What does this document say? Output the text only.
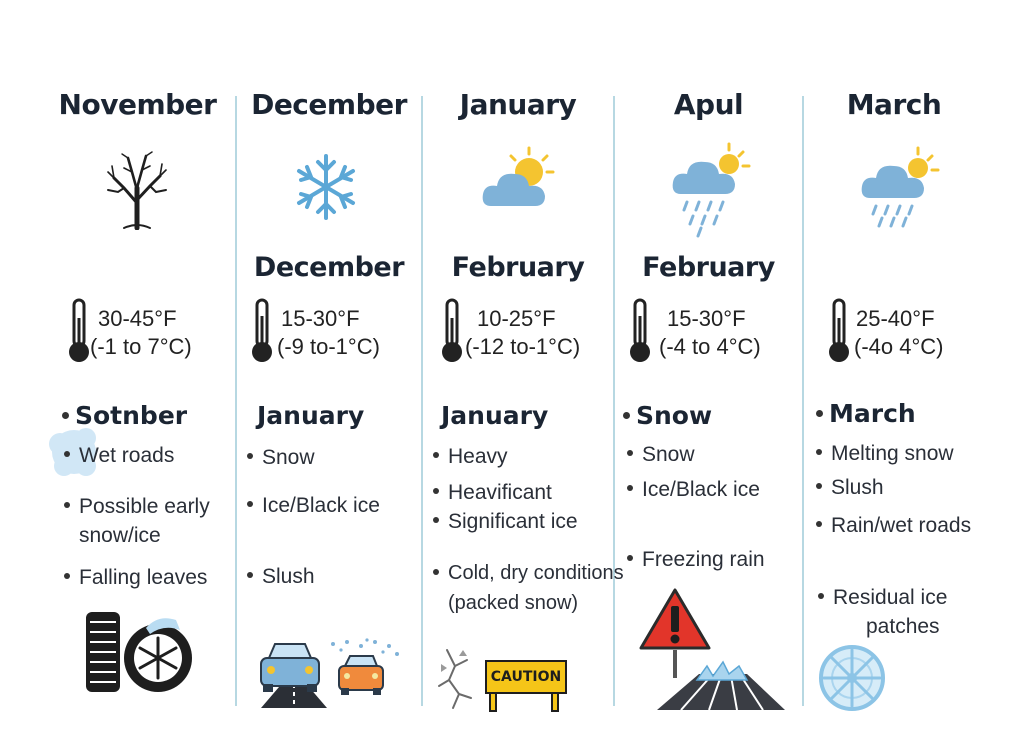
November
30-45°F
(-1 to 7°C)
Sotnber
Wet roads
Possible early
snow/ice
Falling leaves
December
December
15-30°F
(-9 to-1°C)
January
Snow
Ice/Black ice
Slush
January
February
10-25°F
(-12 to-1°C)
January
Heavy
Heavificant
Significant ice
Cold, dry conditions
(packed snow)
CAUTION
Apul
February
15-30°F
(-4 to 4°C)
Snow
Snow
Ice/Black ice
Freezing rain
March
25-40°F
(-4o 4°C)
March
Melting snow
Slush
Rain/wet roads
Residual ice
patches
